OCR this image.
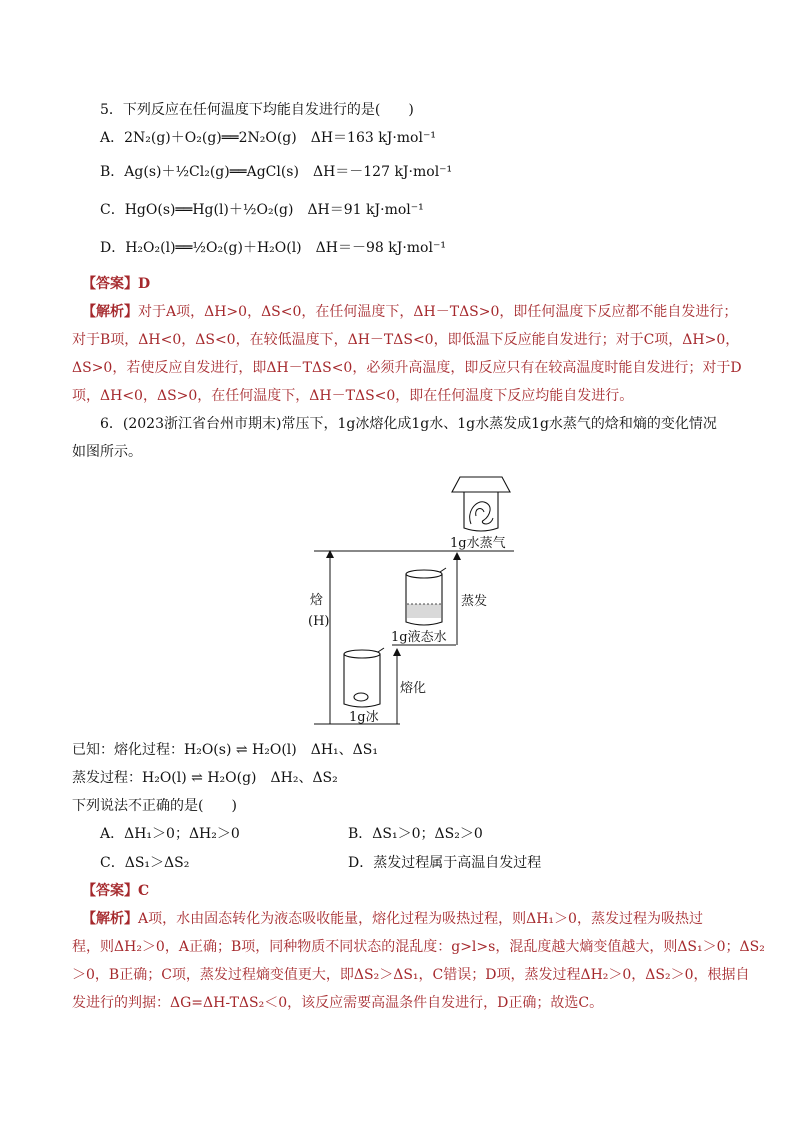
5．下列反应在任何温度下均能自发进行的是(　　)
A．2N₂(g)＋O₂(g)══2N₂O(g)　ΔH＝163 kJ·mol⁻¹
B．Ag(s)＋½Cl₂(g)══AgCl(s)　ΔH＝－127 kJ·mol⁻¹
C．HgO(s)══Hg(l)＋½O₂(g)　ΔH＝91 kJ·mol⁻¹
D．H₂O₂(l)══½O₂(g)＋H₂O(l)　ΔH＝－98 kJ·mol⁻¹
【答案】D
【解析】对于A项，ΔH>0，ΔS<0，在任何温度下，ΔH－TΔS>0，即任何温度下反应都不能自发进行；
对于B项，ΔH<0，ΔS<0，在较低温度下，ΔH－TΔS<0，即低温下反应能自发进行；对于C项，ΔH>0，
ΔS>0，若使反应自发进行，即ΔH－TΔS<0，必须升高温度，即反应只有在较高温度时能自发进行；对于D
项，ΔH<0，ΔS>0，在任何温度下，ΔH－TΔS<0，即在任何温度下反应均能自发进行。
6．(2023浙江省台州市期末)常压下，1g冰熔化成1g水、1g水蒸发成1g水蒸气的焓和熵的变化情况
如图所示。
焓
(H)
1g冰
熔化
1g液态水
蒸发
1g水蒸气
已知：熔化过程：H₂O(s) ⇌ H₂O(l)　ΔH₁、ΔS₁
蒸发过程：H₂O(l) ⇌ H₂O(g)　ΔH₂、ΔS₂
下列说法不正确的是(　　)
A．ΔH₁＞0；ΔH₂＞0	B．ΔS₁＞0；ΔS₂＞0
C．ΔS₁＞ΔS₂	D．蒸发过程属于高温自发过程
【答案】C
【解析】A项，水由固态转化为液态吸收能量，熔化过程为吸热过程，则ΔH₁＞0，蒸发过程为吸热过
程，则ΔH₂＞0，A正确；B项，同种物质不同状态的混乱度：g>l>s，混乱度越大熵变值越大，则ΔS₁＞0；ΔS₂
＞0，B正确；C项，蒸发过程熵变值更大，即ΔS₂＞ΔS₁，C错误；D项，蒸发过程ΔH₂＞0，ΔS₂＞0，根据自
发进行的判据：ΔG=ΔH-TΔS₂＜0，该反应需要高温条件自发进行，D正确；故选C。
